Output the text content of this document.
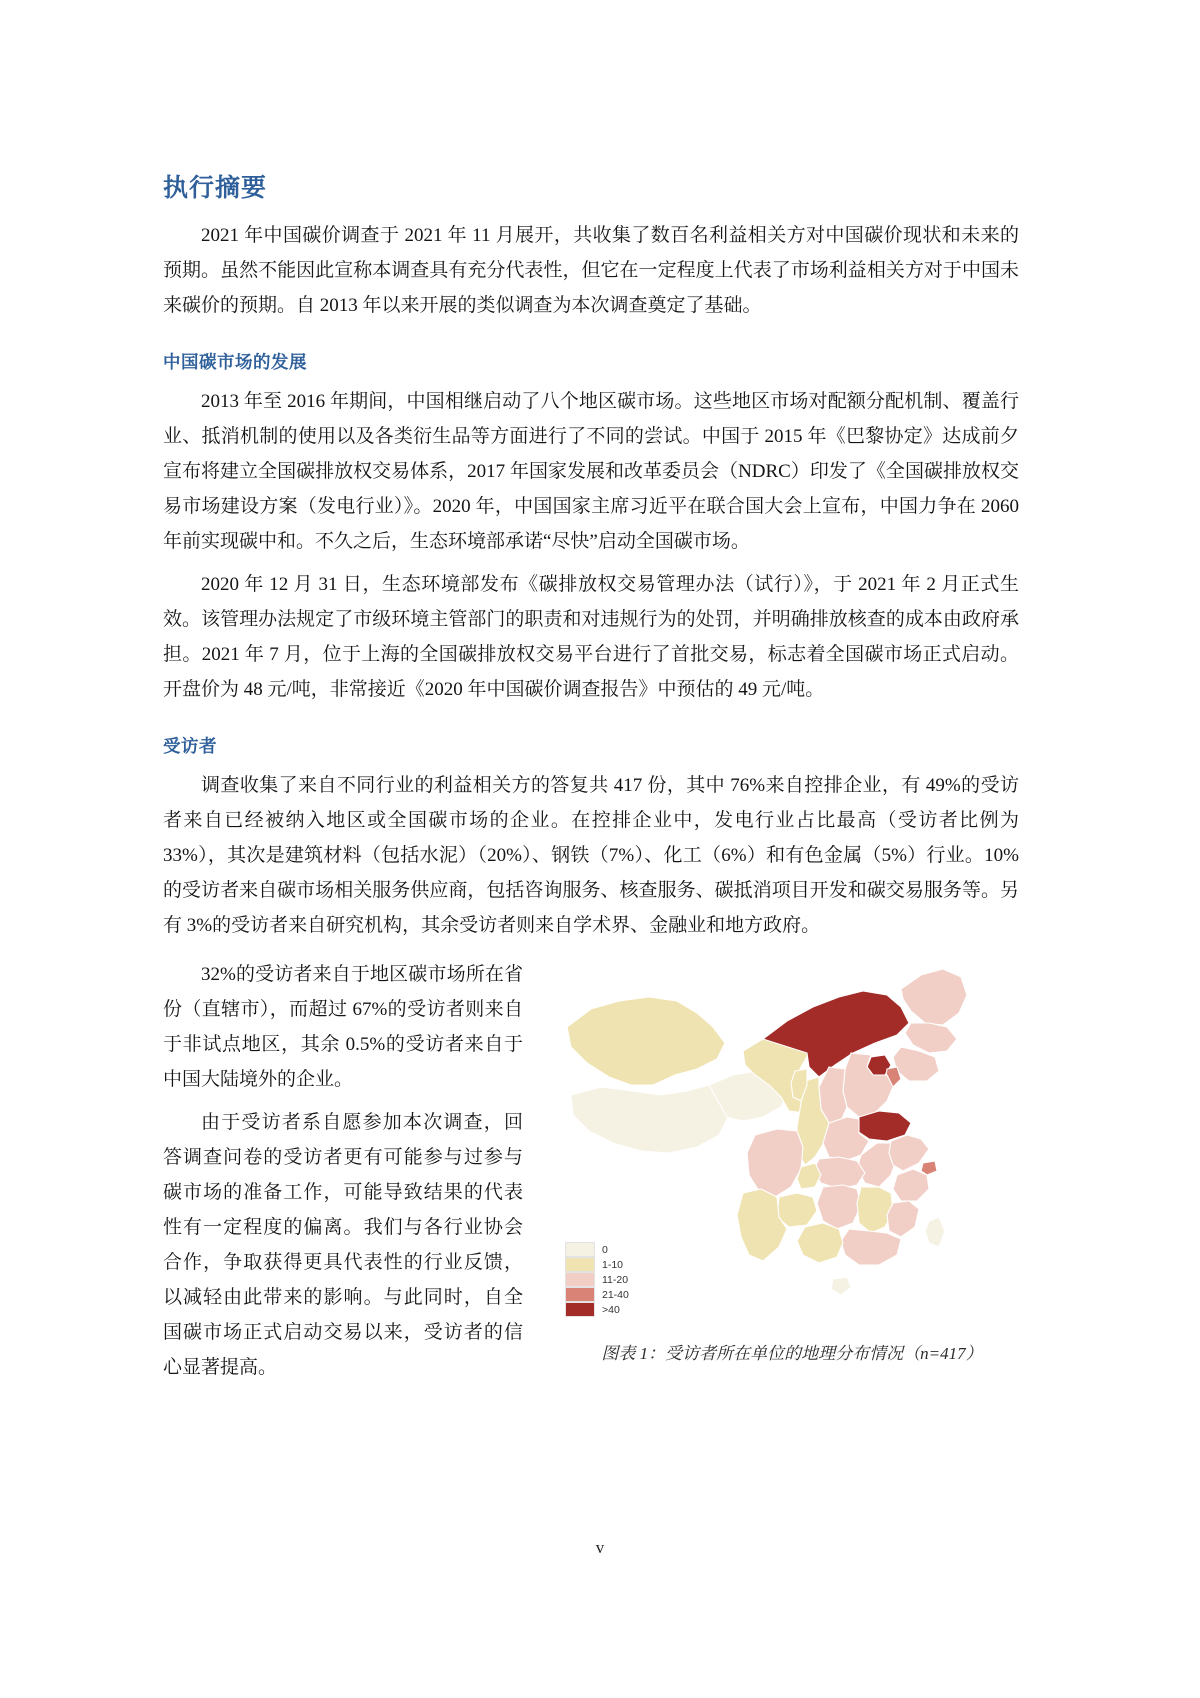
执行摘要

2021 年中国碳价调查于 2021 年 11 月展开，共收集了数百名利益相关方对中国碳价现状和未来的预期。虽然不能因此宣称本调查具有充分代表性，但它在一定程度上代表了市场利益相关方对于中国未来碳价的预期。自 2013 年以来开展的类似调查为本次调查奠定了基础。

中国碳市场的发展

2013 年至 2016 年期间，中国相继启动了八个地区碳市场。这些地区市场对配额分配机制、覆盖行业、抵消机制的使用以及各类衍生品等方面进行了不同的尝试。中国于 2015 年《巴黎协定》达成前夕宣布将建立全国碳排放权交易体系，2017 年国家发展和改革委员会（NDRC）印发了《全国碳排放权交易市场建设方案（发电行业）》。2020 年，中国国家主席习近平在联合国大会上宣布，中国力争在 2060 年前实现碳中和。不久之后，生态环境部承诺“尽快”启动全国碳市场。

2020 年 12 月 31 日，生态环境部发布《碳排放权交易管理办法（试行）》，于 2021 年 2 月正式生效。该管理办法规定了市级环境主管部门的职责和对违规行为的处罚，并明确排放核查的成本由政府承担。2021 年 7 月，位于上海的全国碳排放权交易平台进行了首批交易，标志着全国碳市场正式启动。开盘价为 48 元/吨，非常接近《2020 年中国碳价调查报告》中预估的 49 元/吨。

受访者

调查收集了来自不同行业的利益相关方的答复共 417 份，其中 76%来自控排企业，有 49%的受访者来自已经被纳入地区或全国碳市场的企业。在控排企业中，发电行业占比最高（受访者比例为 33%），其次是建筑材料（包括水泥）（20%）、钢铁（7%）、化工（6%）和有色金属（5%）行业。10%的受访者来自碳市场相关服务供应商，包括咨询服务、核查服务、碳抵消项目开发和碳交易服务等。另有 3%的受访者来自研究机构，其余受访者则来自学术界、金融业和地方政府。

32%的受访者来自于地区碳市场所在省份（直辖市），而超过 67%的受访者则来自于非试点地区，其余 0.5%的受访者来自于中国大陆境外的企业。

由于受访者系自愿参加本次调查，回答调查问卷的受访者更有可能参与过参与碳市场的准备工作，可能导致结果的代表性有一定程度的偏离。我们与各行业协会合作，争取获得更具代表性的行业反馈，以减轻由此带来的影响。与此同时，自全国碳市场正式启动交易以来，受访者的信心显著提高。

0
1-10
11-20
21-40
>40
图表 1：受访者所在单位的地理分布情况（n=417）
v
